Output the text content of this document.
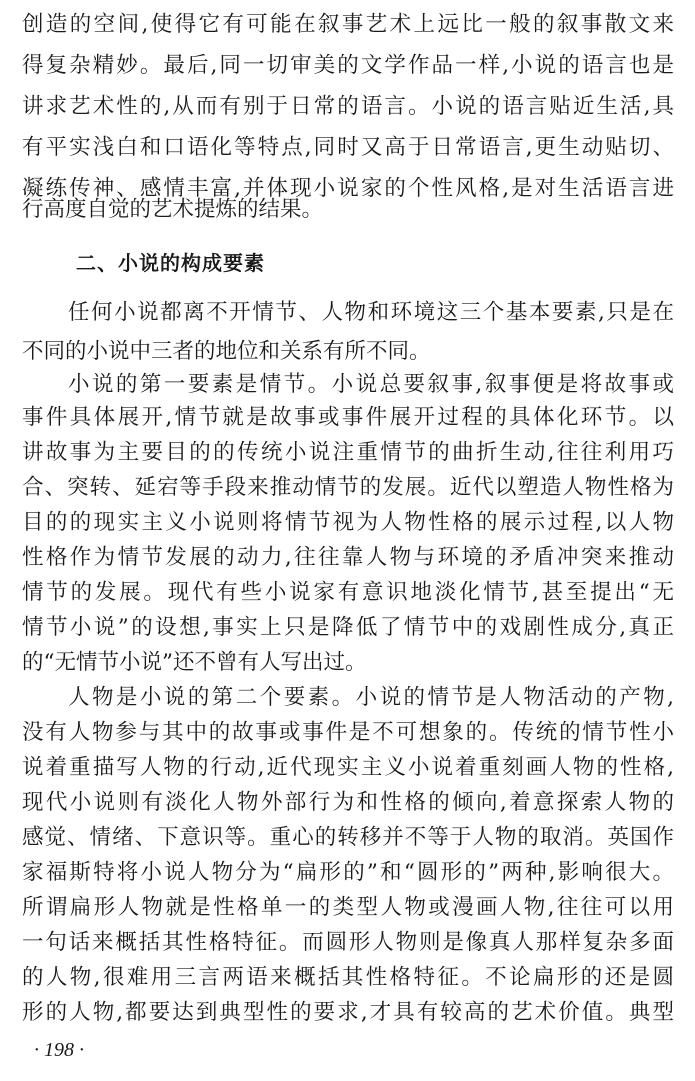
创造的空间,使得它有可能在叙事艺术上远比一般的叙事散文来
得复杂精妙。最后,同一切审美的文学作品一样,小说的语言也是
讲求艺术性的,从而有别于日常的语言。小说的语言贴近生活,具
有平实浅白和口语化等特点,同时又高于日常语言,更生动贴切、
凝练传神、感情丰富,并体现小说家的个性风格,是对生活语言进
行高度自觉的艺术提炼的结果。
二、小说的构成要素
任何小说都离不开情节、人物和环境这三个基本要素,只是在
不同的小说中三者的地位和关系有所不同。
小说的第一要素是情节。小说总要叙事,叙事便是将故事或
事件具体展开,情节就是故事或事件展开过程的具体化环节。以
讲故事为主要目的的传统小说注重情节的曲折生动,往往利用巧
合、突转、延宕等手段来推动情节的发展。近代以塑造人物性格为
目的的现实主义小说则将情节视为人物性格的展示过程,以人物
性格作为情节发展的动力,往往靠人物与环境的矛盾冲突来推动
情节的发展。现代有些小说家有意识地淡化情节,甚至提出“无
情节小说”的设想,事实上只是降低了情节中的戏剧性成分,真正
的“无情节小说”还不曾有人写出过。
人物是小说的第二个要素。小说的情节是人物活动的产物,
没有人物参与其中的故事或事件是不可想象的。传统的情节性小
说着重描写人物的行动,近代现实主义小说着重刻画人物的性格,
现代小说则有淡化人物外部行为和性格的倾向,着意探索人物的
感觉、情绪、下意识等。重心的转移并不等于人物的取消。英国作
家福斯特将小说人物分为“扁形的”和“圆形的”两种,影响很大。
所谓扁形人物就是性格单一的类型人物或漫画人物,往往可以用
一句话来概括其性格特征。而圆形人物则是像真人那样复杂多面
的人物,很难用三言两语来概括其性格特征。不论扁形的还是圆
形的人物,都要达到典型性的要求,才具有较高的艺术价值。典型
· 198 ·
